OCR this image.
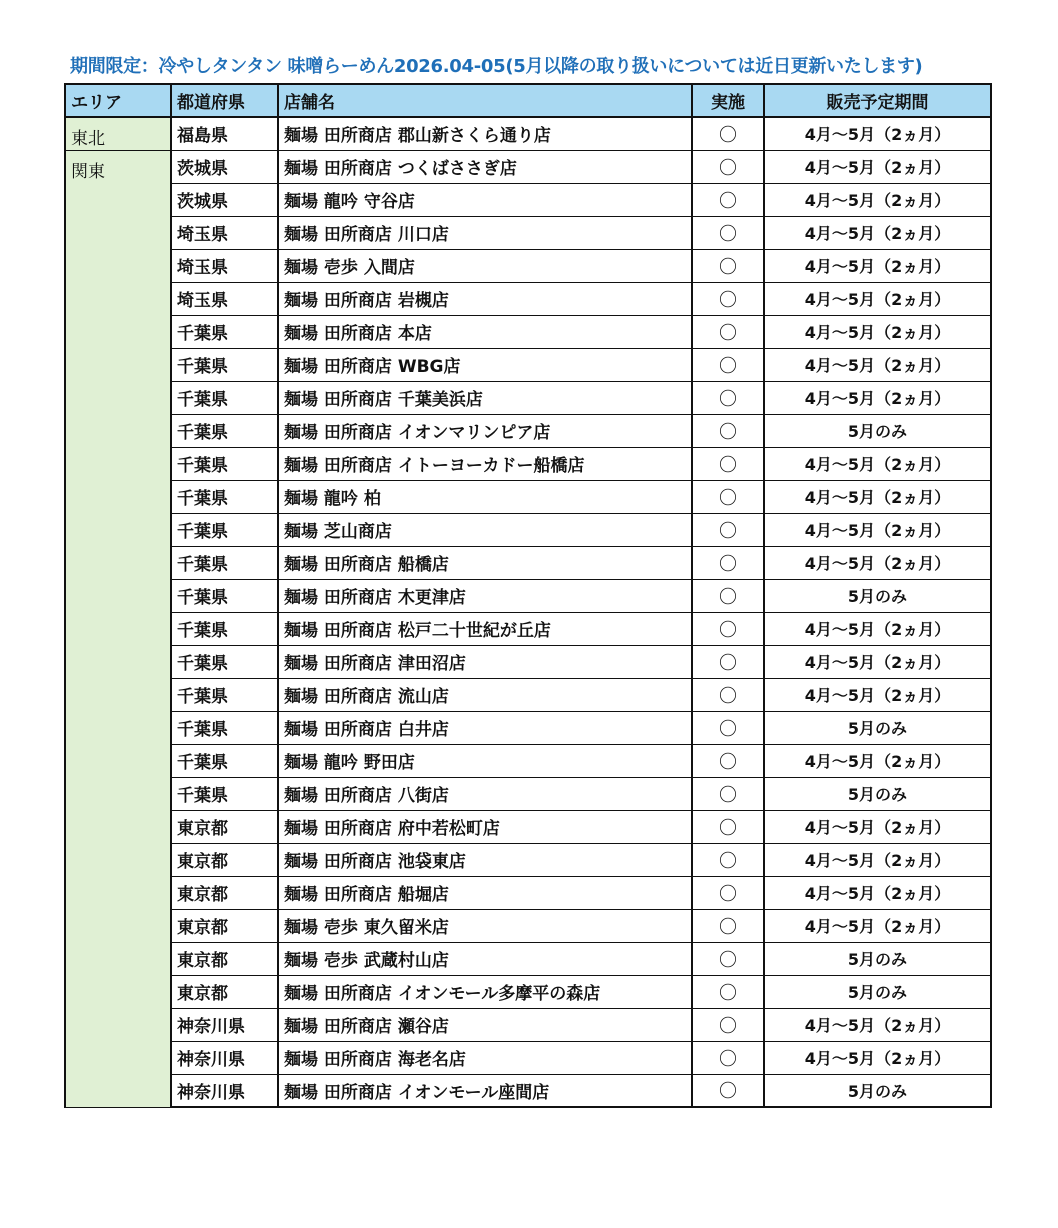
期間限定：冷やしタンタン 味噌らーめん2026.04-05(5月以降の取り扱いについては近日更新いたします)
エリア	都道府県	店舗名	実施	販売予定期間
東北	福島県	麺場 田所商店 郡山新さくら通り店	〇	4月～5月（2ヵ月）
関東	茨城県	麺場 田所商店 つくばささぎ店	〇	4月～5月（2ヵ月）
	茨城県	麺場 龍吟 守谷店	〇	4月～5月（2ヵ月）
	埼玉県	麺場 田所商店 川口店	〇	4月～5月（2ヵ月）
	埼玉県	麺場 壱歩 入間店	〇	4月～5月（2ヵ月）
	埼玉県	麺場 田所商店 岩槻店	〇	4月～5月（2ヵ月）
	千葉県	麺場 田所商店 本店	〇	4月～5月（2ヵ月）
	千葉県	麺場 田所商店 WBG店	〇	4月～5月（2ヵ月）
	千葉県	麺場 田所商店 千葉美浜店	〇	4月～5月（2ヵ月）
	千葉県	麺場 田所商店 イオンマリンピア店	〇	5月のみ
	千葉県	麺場 田所商店 イトーヨーカドー船橋店	〇	4月～5月（2ヵ月）
	千葉県	麺場 龍吟 柏	〇	4月～5月（2ヵ月）
	千葉県	麺場 芝山商店	〇	4月～5月（2ヵ月）
	千葉県	麺場 田所商店 船橋店	〇	4月～5月（2ヵ月）
	千葉県	麺場 田所商店 木更津店	〇	5月のみ
	千葉県	麺場 田所商店 松戸二十世紀が丘店	〇	4月～5月（2ヵ月）
	千葉県	麺場 田所商店 津田沼店	〇	4月～5月（2ヵ月）
	千葉県	麺場 田所商店 流山店	〇	4月～5月（2ヵ月）
	千葉県	麺場 田所商店 白井店	〇	5月のみ
	千葉県	麺場 龍吟 野田店	〇	4月～5月（2ヵ月）
	千葉県	麺場 田所商店 八街店	〇	5月のみ
	東京都	麺場 田所商店 府中若松町店	〇	4月～5月（2ヵ月）
	東京都	麺場 田所商店 池袋東店	〇	4月～5月（2ヵ月）
	東京都	麺場 田所商店 船堀店	〇	4月～5月（2ヵ月）
	東京都	麺場 壱歩 東久留米店	〇	4月～5月（2ヵ月）
	東京都	麺場 壱歩 武蔵村山店	〇	5月のみ
	東京都	麺場 田所商店 イオンモール多摩平の森店	〇	5月のみ
	神奈川県	麺場 田所商店 瀬谷店	〇	4月～5月（2ヵ月）
	神奈川県	麺場 田所商店 海老名店	〇	4月～5月（2ヵ月）
	神奈川県	麺場 田所商店 イオンモール座間店	〇	5月のみ
